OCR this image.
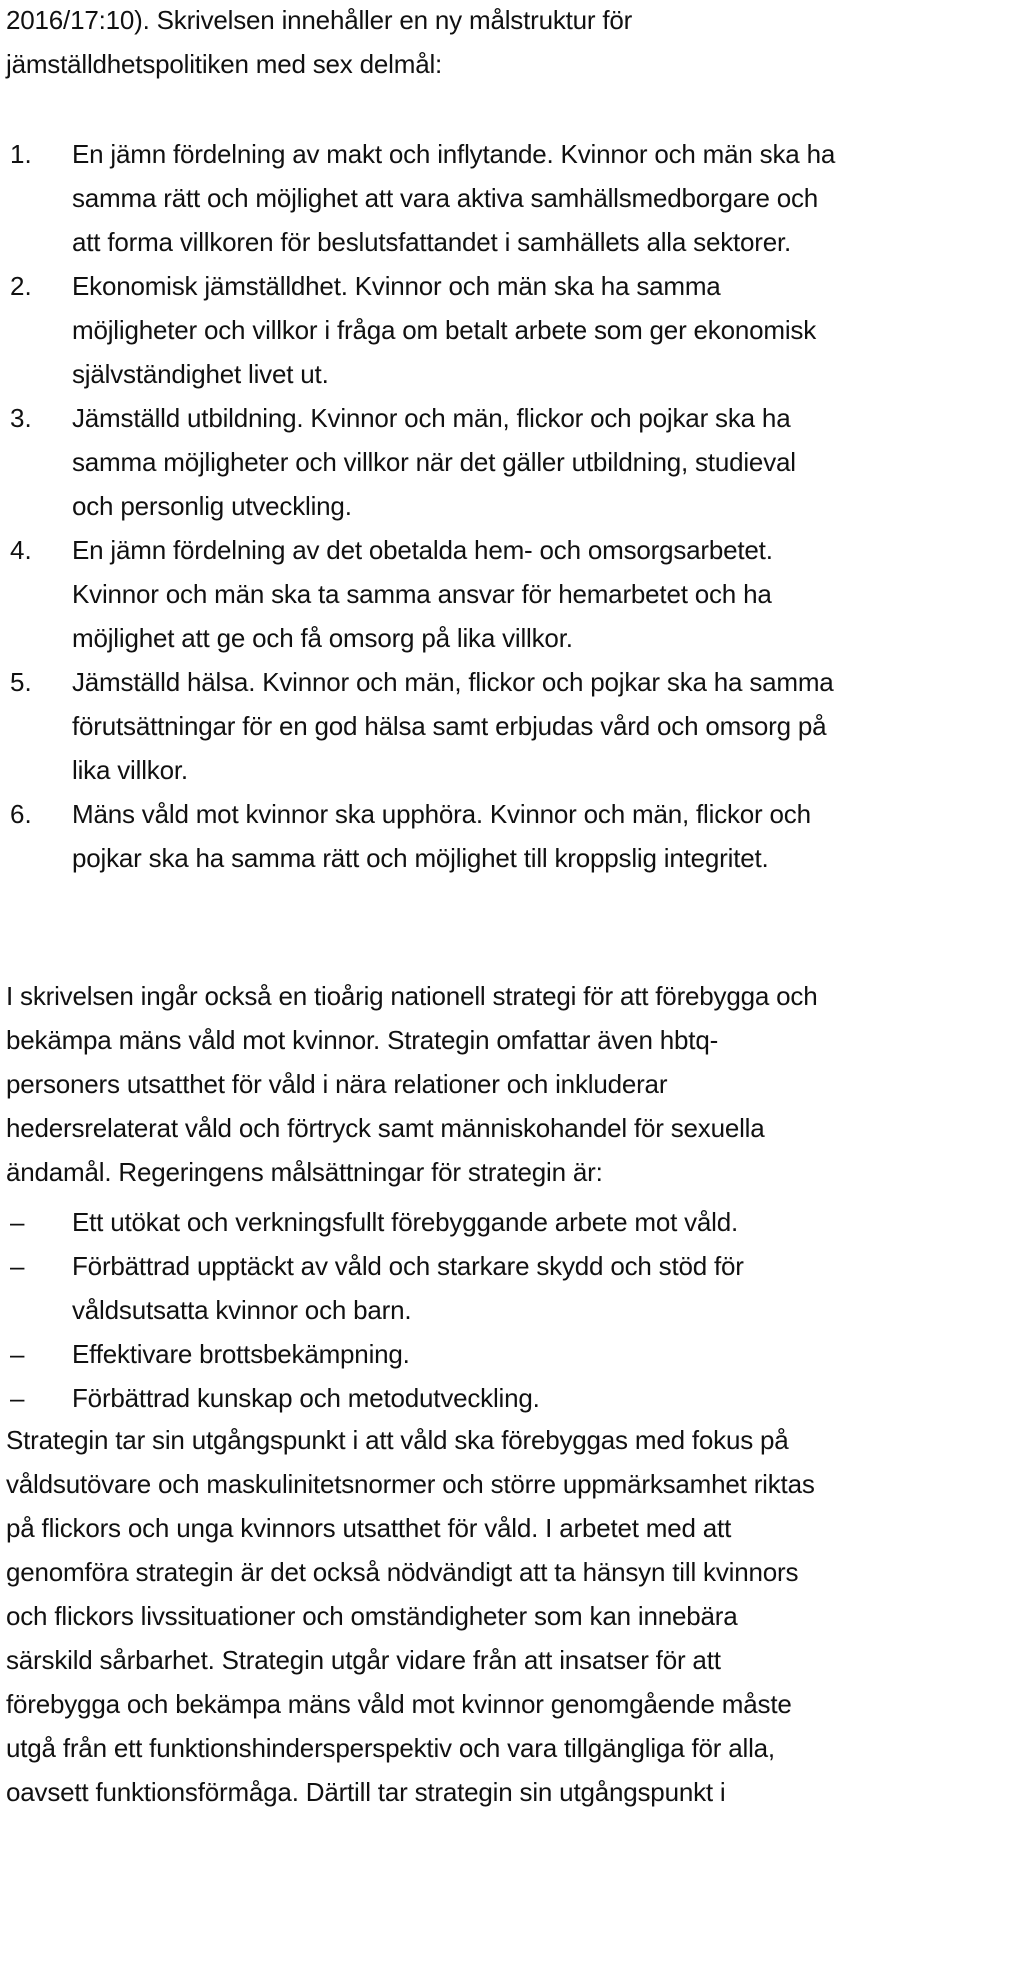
2016/17:10). Skrivelsen innehåller en ny målstruktur för
jämställdhetspolitiken med sex delmål:
1.	En jämn fördelning av makt och inflytande. Kvinnor och män ska ha
samma rätt och möjlighet att vara aktiva samhällsmedborgare och
att forma villkoren för beslutsfattandet i samhällets alla sektorer.
2.	Ekonomisk jämställdhet. Kvinnor och män ska ha samma
möjligheter och villkor i fråga om betalt arbete som ger ekonomisk
självständighet livet ut.
3.	Jämställd utbildning. Kvinnor och män, flickor och pojkar ska ha
samma möjligheter och villkor när det gäller utbildning, studieval
och personlig utveckling.
4.	En jämn fördelning av det obetalda hem- och omsorgsarbetet.
Kvinnor och män ska ta samma ansvar för hemarbetet och ha
möjlighet att ge och få omsorg på lika villkor.
5.	Jämställd hälsa. Kvinnor och män, flickor och pojkar ska ha samma
förutsättningar för en god hälsa samt erbjudas vård och omsorg på
lika villkor.
6.	Mäns våld mot kvinnor ska upphöra. Kvinnor och män, flickor och
pojkar ska ha samma rätt och möjlighet till kroppslig integritet.
I skrivelsen ingår också en tioårig nationell strategi för att förebygga och
bekämpa mäns våld mot kvinnor. Strategin omfattar även hbtq-
personers utsatthet för våld i nära relationer och inkluderar
hedersrelaterat våld och förtryck samt människohandel för sexuella
ändamål. Regeringens målsättningar för strategin är:
–	Ett utökat och verkningsfullt förebyggande arbete mot våld.
–	Förbättrad upptäckt av våld och starkare skydd och stöd för
våldsutsatta kvinnor och barn.
–	Effektivare brottsbekämpning.
–	Förbättrad kunskap och metodutveckling.
Strategin tar sin utgångspunkt i att våld ska förebyggas med fokus på
våldsutövare och maskulinitetsnormer och större uppmärksamhet riktas
på flickors och unga kvinnors utsatthet för våld. I arbetet med att
genomföra strategin är det också nödvändigt att ta hänsyn till kvinnors
och flickors livssituationer och omständigheter som kan innebära
särskild sårbarhet. Strategin utgår vidare från att insatser för att
förebygga och bekämpa mäns våld mot kvinnor genomgående måste
utgå från ett funktionshindersperspektiv och vara tillgängliga för alla,
oavsett funktionsförmåga. Därtill tar strategin sin utgångspunkt i
